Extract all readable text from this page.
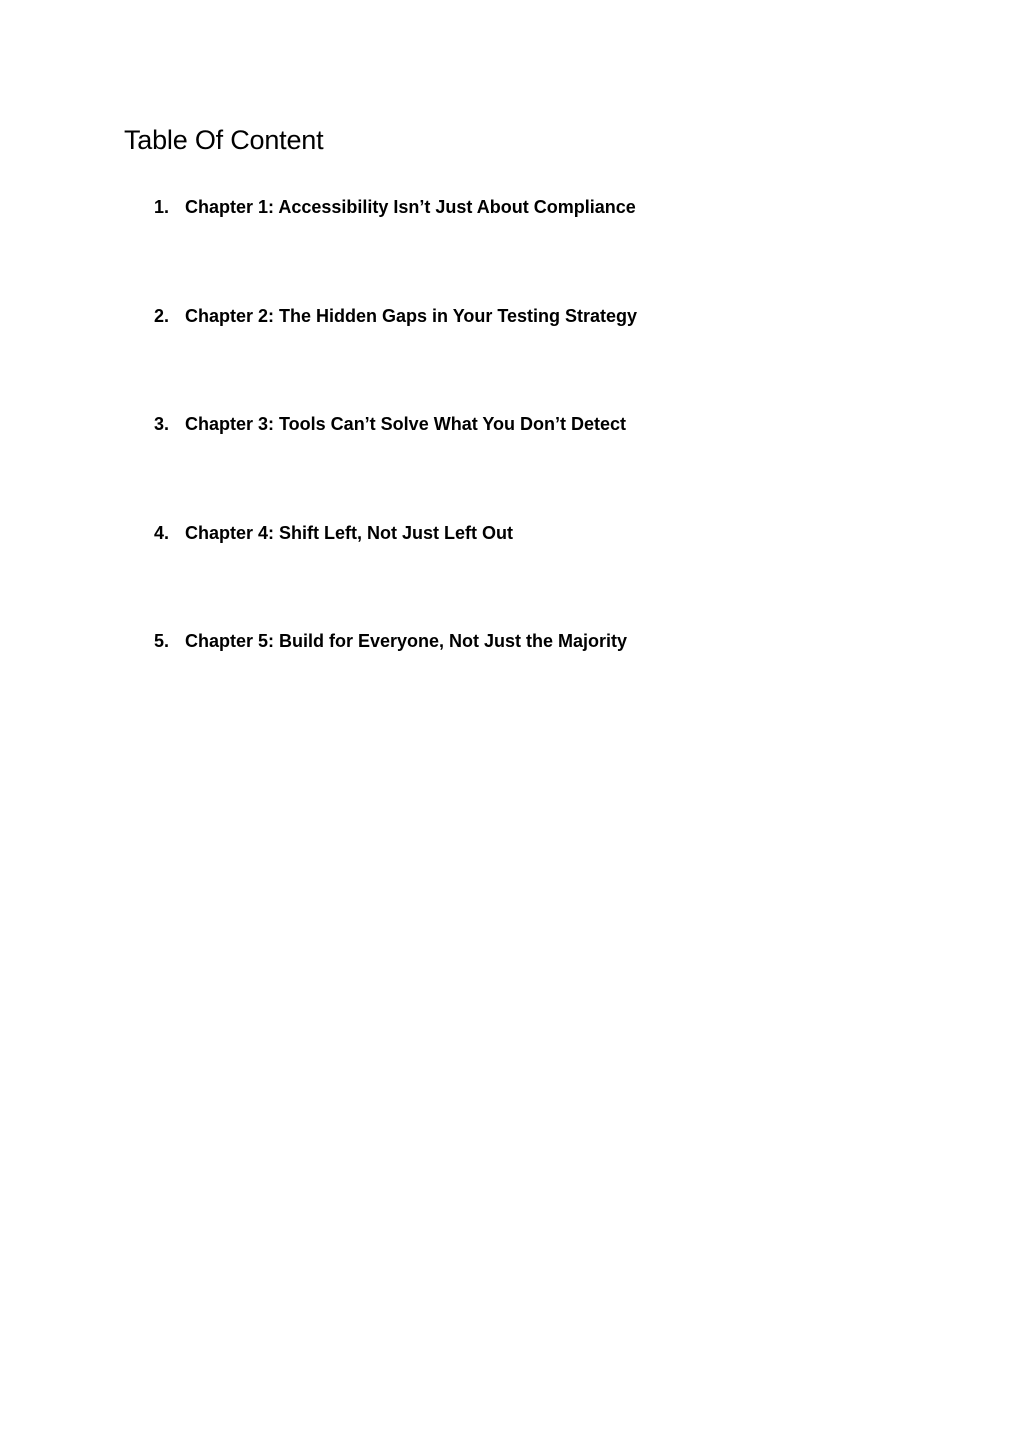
Table Of Content
1. Chapter 1: Accessibility Isn’t Just About Compliance
2. Chapter 2: The Hidden Gaps in Your Testing Strategy
3. Chapter 3: Tools Can’t Solve What You Don’t Detect
4. Chapter 4: Shift Left, Not Just Left Out
5. Chapter 5: Build for Everyone, Not Just the Majority
